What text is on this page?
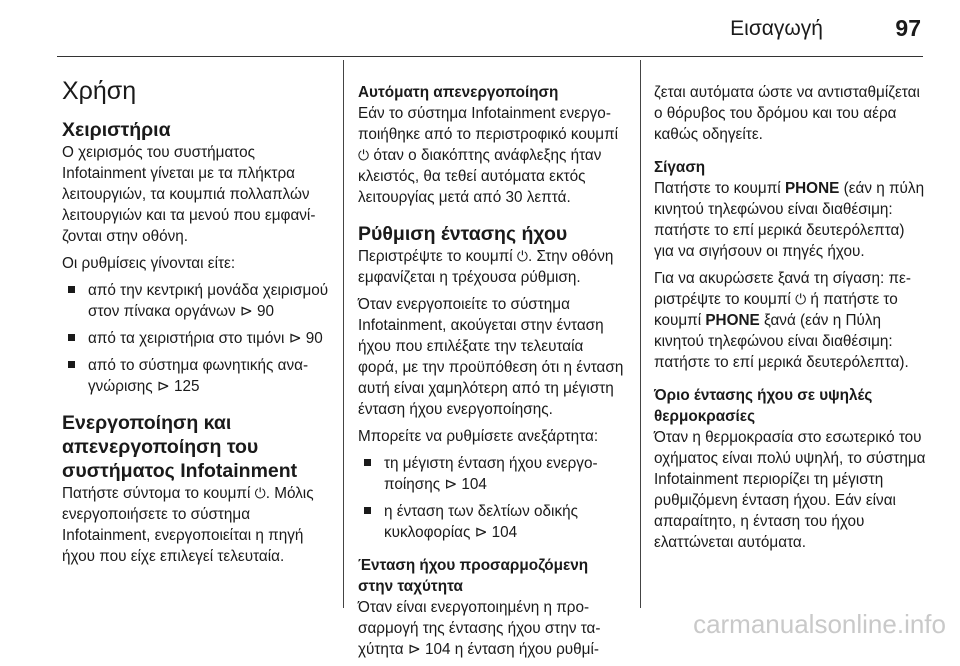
Εισαγωγή	97
Χρήση
Χειριστήρια

Ο χειρισμός του συστήματος Infotainment γίνεται με τα πλήκτρα λειτουργιών, τα κουμπιά πολλαπλών λειτουργιών και τα μενού που εμφανίζονται στην οθόνη.

Οι ρυθμίσεις γίνονται είτε:

από την κεντρική μονάδα χειρισμού στον πίνακα οργάνων ⊳ 90
από τα χειριστήρια στο τιμόνι ⊳ 90
από το σύστημα φωνητικής αναγνώρισης ⊳ 125
Ενεργοποίηση και απενεργοποίηση του συστήματος Infotainment

Πατήστε σύντομα το κουμπί ⏻. Μόλις ενεργοποιήσετε το σύστημα Infotainment, ενεργοποιείται η πηγή ήχου που είχε επιλεγεί τελευταία.

Αυτόματη απενεργοποίηση

Εάν το σύστημα Infotainment ενεργοποιήθηκε από το περιστροφικό κουμπί ⏻ όταν ο διακόπτης ανάφλεξης ήταν κλειστός, θα τεθεί αυτόματα εκτός λειτουργίας μετά από 30 λεπτά.

Ρύθμιση έντασης ήχου

Περιστρέψτε το κουμπί ⏻. Στην οθόνη εμφανίζεται η τρέχουσα ρύθμιση.

Όταν ενεργοποιείτε το σύστημα Infotainment, ακούγεται στην ένταση ήχου που επιλέξατε την τελευταία φορά, με την προϋπόθεση ότι η ένταση αυτή είναι χαμηλότερη από τη μέγιστη ένταση ήχου ενεργοποίησης.

Μπορείτε να ρυθμίσετε ανεξάρτητα:

τη μέγιστη ένταση ήχου ενεργοποίησης ⊳ 104
η ένταση των δελτίων οδικής κυκλοφορίας ⊳ 104
Ένταση ήχου προσαρμοζόμενη στην ταχύτητα

Όταν είναι ενεργοποιημένη η προσαρμογή της έντασης ήχου στην ταχύτητα ⊳ 104 η ένταση ήχου ρυθμί-

ζεται αυτόματα ώστε να αντισταθμίζεται ο θόρυβος του δρόμου και του αέρα καθώς οδηγείτε.

Σίγαση

Πατήστε το κουμπί PHONE (εάν η πύλη κινητού τηλεφώνου είναι διαθέσιμη: πατήστε το επί μερικά δευτερόλεπτα) για να σιγήσουν οι πηγές ήχου.

Για να ακυρώσετε ξανά τη σίγαση: περιστρέψτε το κουμπί ⏻ ή πατήστε το κουμπί PHONE ξανά (εάν η Πύλη κινητού τηλεφώνου είναι διαθέσιμη: πατήστε το επί μερικά δευτερόλεπτα).

Όριο έντασης ήχου σε υψηλές θερμοκρασίες

Όταν η θερμοκρασία στο εσωτερικό του οχήματος είναι πολύ υψηλή, το σύστημα Infotainment περιορίζει τη μέγιστη ρυθμιζόμενη ένταση ήχου. Εάν είναι απαραίτητο, η ένταση του ήχου ελαττώνεται αυτόματα.

carmanualsonline.info
